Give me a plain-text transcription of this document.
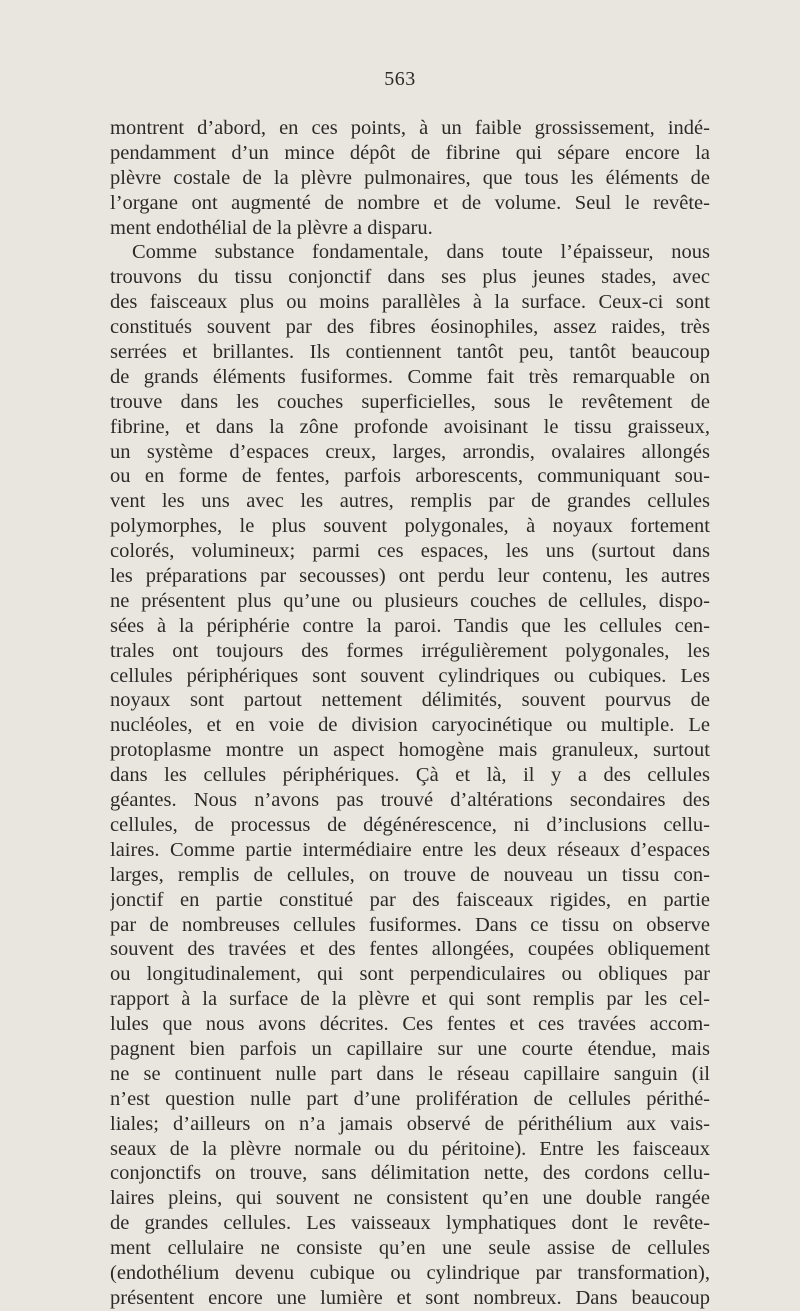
563
montrent d’abord, en ces points, à un faible grossissement, indé-
pendamment d’un mince dépôt de fibrine qui sépare encore la
plèvre costale de la plèvre pulmonaires, que tous les éléments de
l’organe ont augmenté de nombre et de volume. Seul le revête-
ment endothélial de la plèvre a disparu.
Comme substance fondamentale, dans toute l’épaisseur, nous
trouvons du tissu conjonctif dans ses plus jeunes stades, avec
des faisceaux plus ou moins parallèles à la surface. Ceux-ci sont
constitués souvent par des fibres éosinophiles, assez raides, très
serrées et brillantes. Ils contiennent tantôt peu, tantôt beaucoup
de grands éléments fusiformes. Comme fait très remarquable on
trouve dans les couches superficielles, sous le revêtement de
fibrine, et dans la zône profonde avoisinant le tissu graisseux,
un système d’espaces creux, larges, arrondis, ovalaires allongés
ou en forme de fentes, parfois arborescents, communiquant sou-
vent les uns avec les autres, remplis par de grandes cellules
polymorphes, le plus souvent polygonales, à noyaux fortement
colorés, volumineux; parmi ces espaces, les uns (surtout dans
les préparations par secousses) ont perdu leur contenu, les autres
ne présentent plus qu’une ou plusieurs couches de cellules, dispo-
sées à la périphérie contre la paroi. Tandis que les cellules cen-
trales ont toujours des formes irrégulièrement polygonales, les
cellules périphériques sont souvent cylindriques ou cubiques. Les
noyaux sont partout nettement délimités, souvent pourvus de
nucléoles, et en voie de division caryocinétique ou multiple. Le
protoplasme montre un aspect homogène mais granuleux, surtout
dans les cellules périphériques. Çà et là, il y a des cellules
géantes. Nous n’avons pas trouvé d’altérations secondaires des
cellules, de processus de dégénérescence, ni d’inclusions cellu-
laires. Comme partie intermédiaire entre les deux réseaux d’espaces
larges, remplis de cellules, on trouve de nouveau un tissu con-
jonctif en partie constitué par des faisceaux rigides, en partie
par de nombreuses cellules fusiformes. Dans ce tissu on observe
souvent des travées et des fentes allongées, coupées obliquement
ou longitudinalement, qui sont perpendiculaires ou obliques par
rapport à la surface de la plèvre et qui sont remplis par les cel-
lules que nous avons décrites. Ces fentes et ces travées accom-
pagnent bien parfois un capillaire sur une courte étendue, mais
ne se continuent nulle part dans le réseau capillaire sanguin (il
n’est question nulle part d’une prolifération de cellules périthé-
liales; d’ailleurs on n’a jamais observé de périthélium aux vais-
seaux de la plèvre normale ou du péritoine). Entre les faisceaux
conjonctifs on trouve, sans délimitation nette, des cordons cellu-
laires pleins, qui souvent ne consistent qu’en une double rangée
de grandes cellules. Les vaisseaux lymphatiques dont le revête-
ment cellulaire ne consiste qu’en une seule assise de cellules
(endothélium devenu cubique ou cylindrique par transformation),
présentent encore une lumière et sont nombreux. Dans beaucoup
